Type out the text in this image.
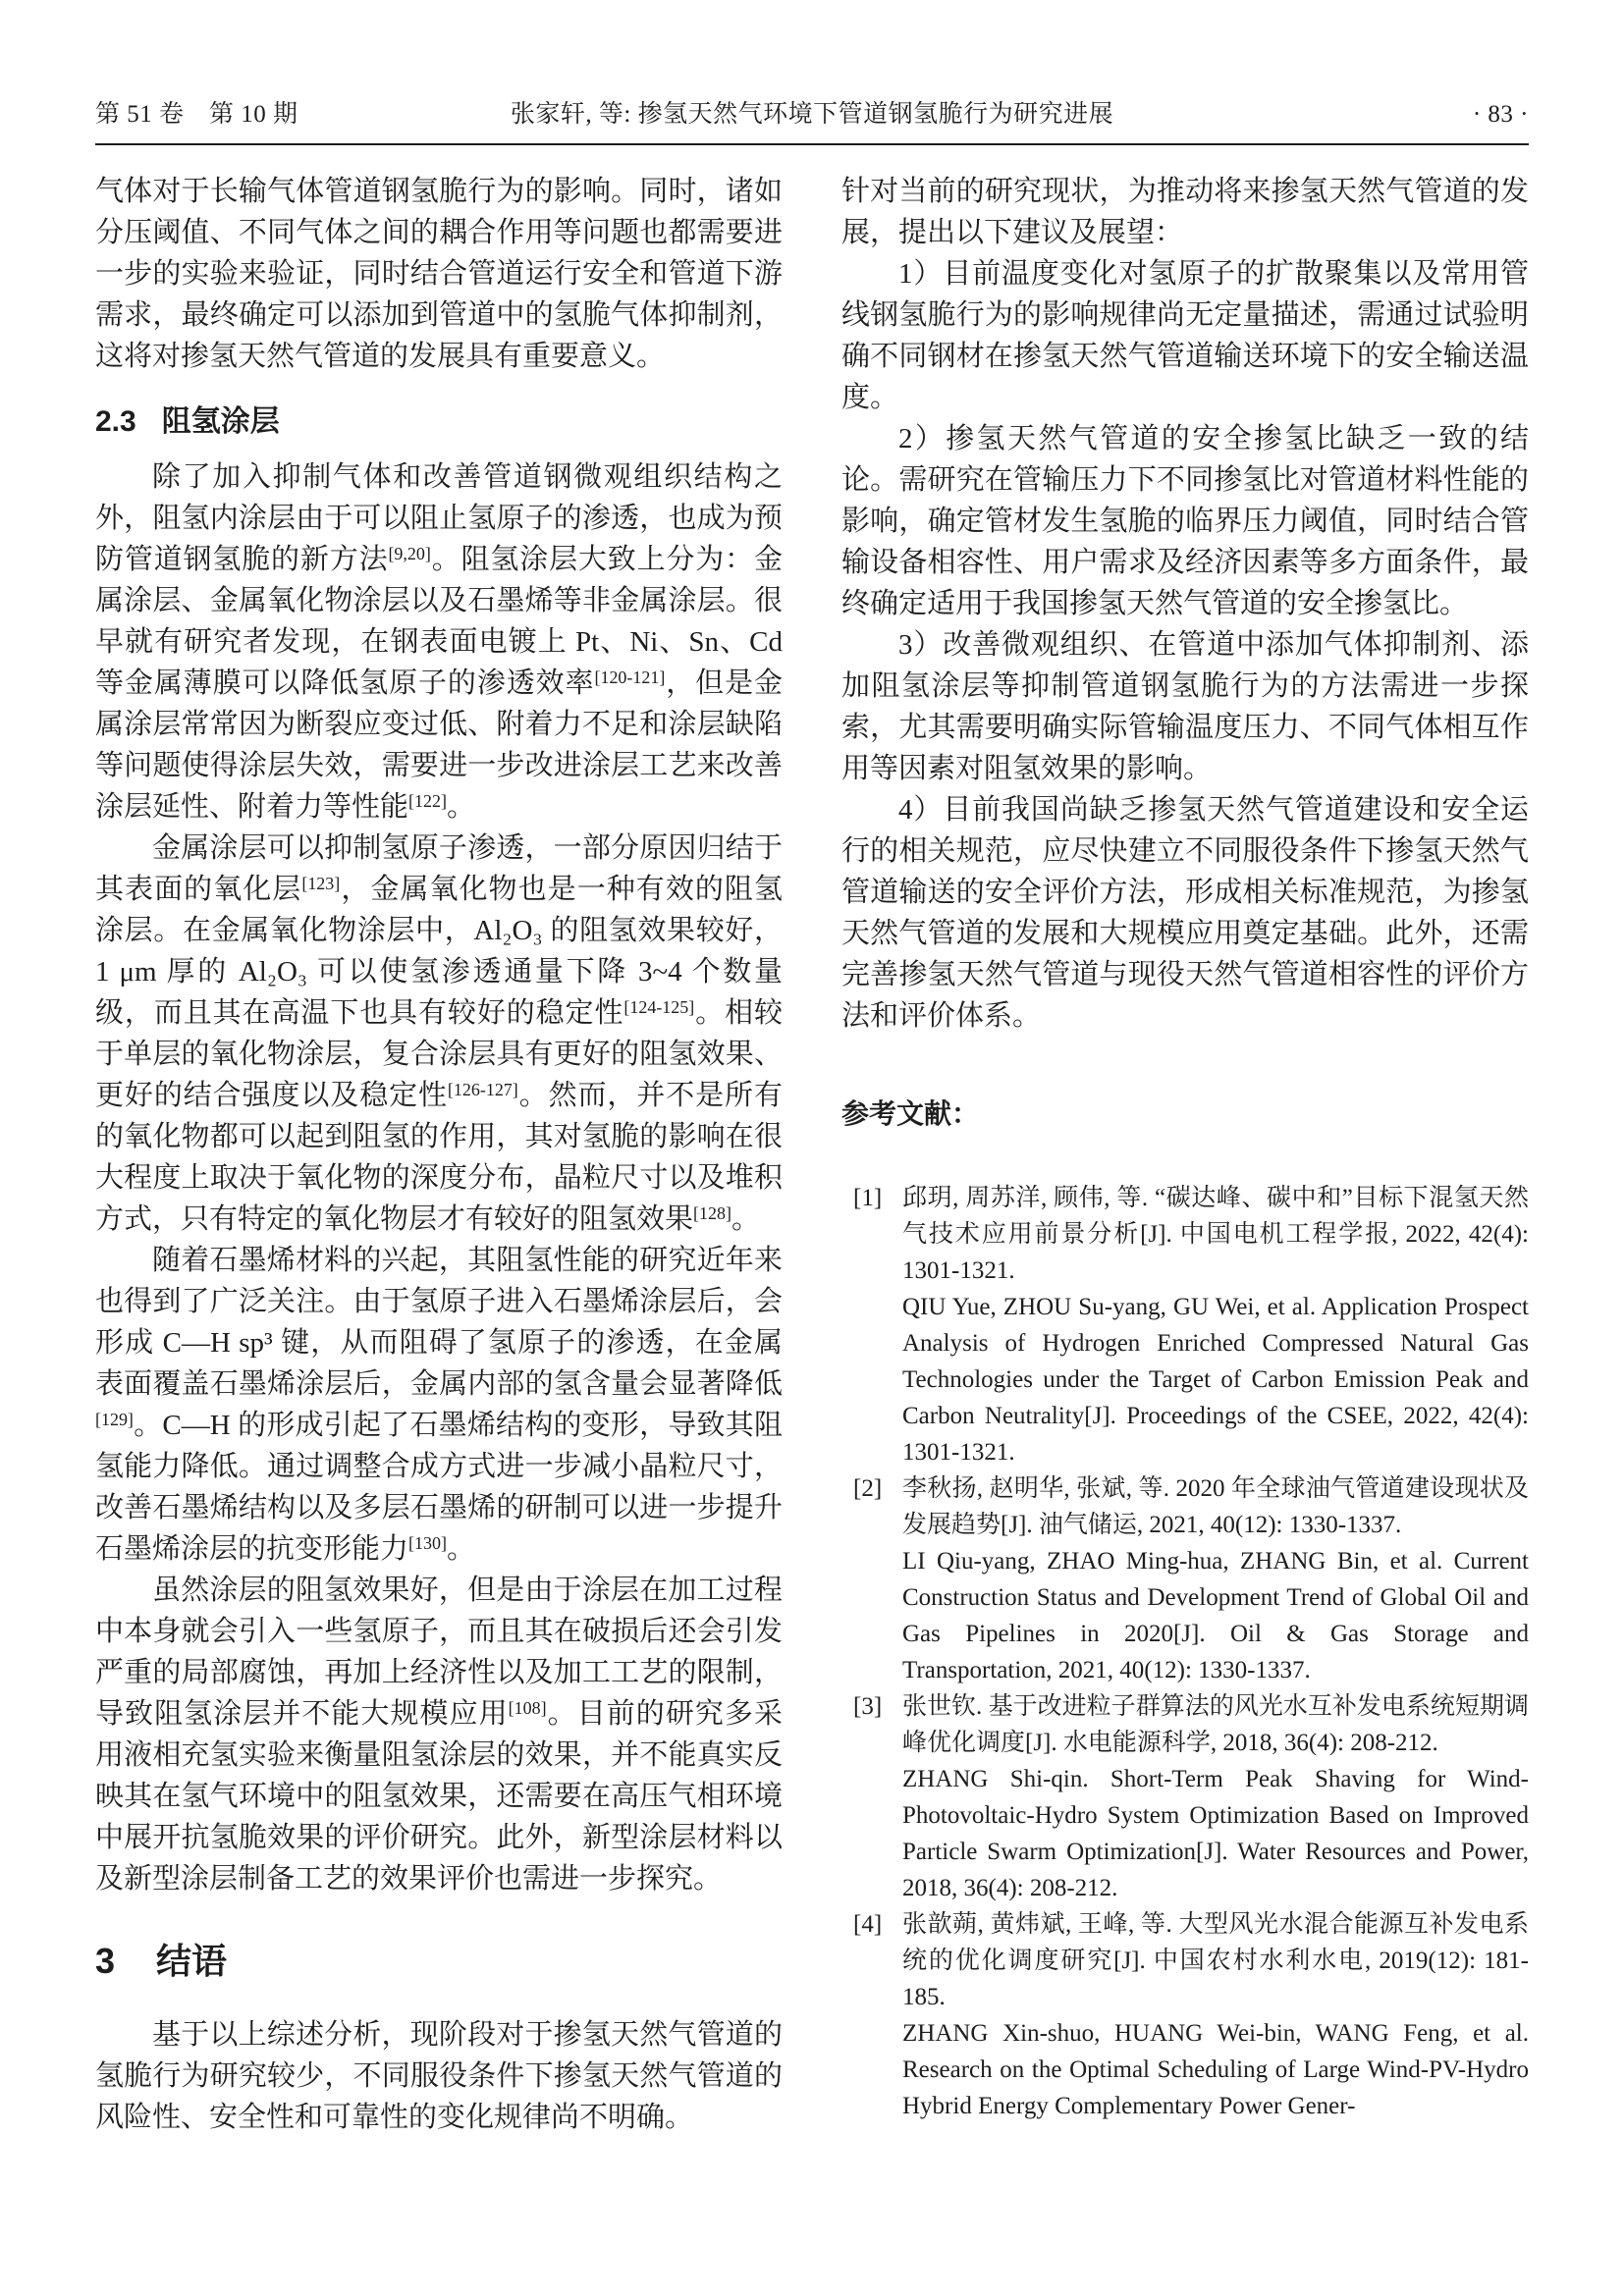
第 51 卷　第 10 期	张家轩, 等: 掺氢天然气环境下管道钢氢脆行为研究进展	· 83 ·

气体对于长输气体管道钢氢脆行为的影响。同时，诸如分压阈值、不同气体之间的耦合作用等问题也都需要进一步的实验来验证，同时结合管道运行安全和管道下游需求，最终确定可以添加到管道中的氢脆气体抑制剂，这将对掺氢天然气管道的发展具有重要意义。

2.3 阻氢涂层

除了加入抑制气体和改善管道钢微观组织结构之外，阻氢内涂层由于可以阻止氢原子的渗透，也成为预防管道钢氢脆的新方法[9,20]。阻氢涂层大致上分为：金属涂层、金属氧化物涂层以及石墨烯等非金属涂层。很早就有研究者发现，在钢表面电镀上 Pt、Ni、Sn、Cd 等金属薄膜可以降低氢原子的渗透效率[120-121]，但是金属涂层常常因为断裂应变过低、附着力不足和涂层缺陷等问题使得涂层失效，需要进一步改进涂层工艺来改善涂层延性、附着力等性能[122]。

金属涂层可以抑制氢原子渗透，一部分原因归结于其表面的氧化层[123]，金属氧化物也是一种有效的阻氢涂层。在金属氧化物涂层中，Al₂O₃ 的阻氢效果较好，1 μm 厚的 Al₂O₃ 可以使氢渗透通量下降 3~4 个数量级，而且其在高温下也具有较好的稳定性[124-125]。相较于单层的氧化物涂层，复合涂层具有更好的阻氢效果、更好的结合强度以及稳定性[126-127]。然而，并不是所有的氧化物都可以起到阻氢的作用，其对氢脆的影响在很大程度上取决于氧化物的深度分布，晶粒尺寸以及堆积方式，只有特定的氧化物层才有较好的阻氢效果[128]。

随着石墨烯材料的兴起，其阻氢性能的研究近年来也得到了广泛关注。由于氢原子进入石墨烯涂层后，会形成 C—H sp³ 键，从而阻碍了氢原子的渗透，在金属表面覆盖石墨烯涂层后，金属内部的氢含量会显著降低[129]。C—H 的形成引起了石墨烯结构的变形，导致其阻氢能力降低。通过调整合成方式进一步减小晶粒尺寸，改善石墨烯结构以及多层石墨烯的研制可以进一步提升石墨烯涂层的抗变形能力[130]。

虽然涂层的阻氢效果好，但是由于涂层在加工过程中本身就会引入一些氢原子，而且其在破损后还会引发严重的局部腐蚀，再加上经济性以及加工工艺的限制，导致阻氢涂层并不能大规模应用[108]。目前的研究多采用液相充氢实验来衡量阻氢涂层的效果，并不能真实反映其在氢气环境中的阻氢效果，还需要在高压气相环境中展开抗氢脆效果的评价研究。此外，新型涂层材料以及新型涂层制备工艺的效果评价也需进一步探究。

3 结语

基于以上综述分析，现阶段对于掺氢天然气管道的氢脆行为研究较少，不同服役条件下掺氢天然气管道的风险性、安全性和可靠性的变化规律尚不明确。

针对当前的研究现状，为推动将来掺氢天然气管道的发展，提出以下建议及展望：

1）目前温度变化对氢原子的扩散聚集以及常用管线钢氢脆行为的影响规律尚无定量描述，需通过试验明确不同钢材在掺氢天然气管道输送环境下的安全输送温度。

2）掺氢天然气管道的安全掺氢比缺乏一致的结论。需研究在管输压力下不同掺氢比对管道材料性能的影响，确定管材发生氢脆的临界压力阈值，同时结合管输设备相容性、用户需求及经济因素等多方面条件，最终确定适用于我国掺氢天然气管道的安全掺氢比。

3）改善微观组织、在管道中添加气体抑制剂、添加阻氢涂层等抑制管道钢氢脆行为的方法需进一步探索，尤其需要明确实际管输温度压力、不同气体相互作用等因素对阻氢效果的影响。

4）目前我国尚缺乏掺氢天然气管道建设和安全运行的相关规范，应尽快建立不同服役条件下掺氢天然气管道输送的安全评价方法，形成相关标准规范，为掺氢天然气管道的发展和大规模应用奠定基础。此外，还需完善掺氢天然气管道与现役天然气管道相容性的评价方法和评价体系。

参考文献：
[1] 邱玥, 周苏洋, 顾伟, 等. “碳达峰、碳中和”目标下混氢天然气技术应用前景分析[J]. 中国电机工程学报, 2022, 42(4): 1301-1321.

QIU Yue, ZHOU Su-yang, GU Wei, et al. Application Prospect Analysis of Hydrogen Enriched Compressed Natural Gas Technologies under the Target of Carbon Emission Peak and Carbon Neutrality[J]. Proceedings of the CSEE, 2022, 42(4): 1301-1321.

[2] 李秋扬, 赵明华, 张斌, 等. 2020 年全球油气管道建设现状及发展趋势[J]. 油气储运, 2021, 40(12): 1330-1337.

LI Qiu-yang, ZHAO Ming-hua, ZHANG Bin, et al. Current Construction Status and Development Trend of Global Oil and Gas Pipelines in 2020[J]. Oil & Gas Storage and Transportation, 2021, 40(12): 1330-1337.

[3] 张世钦. 基于改进粒子群算法的风光水互补发电系统短期调峰优化调度[J]. 水电能源科学, 2018, 36(4): 208-212.

ZHANG Shi-qin. Short-Term Peak Shaving for Wind-Photovoltaic-Hydro System Optimization Based on Improved Particle Swarm Optimization[J]. Water Resources and Power, 2018, 36(4): 208-212.

[4] 张歆蒴, 黄炜斌, 王峰, 等. 大型风光水混合能源互补发电系统的优化调度研究[J]. 中国农村水利水电, 2019(12): 181-185.

ZHANG Xin-shuo, HUANG Wei-bin, WANG Feng, et al. Research on the Optimal Scheduling of Large Wind-PV-Hydro Hybrid Energy Complementary Power Gener-
